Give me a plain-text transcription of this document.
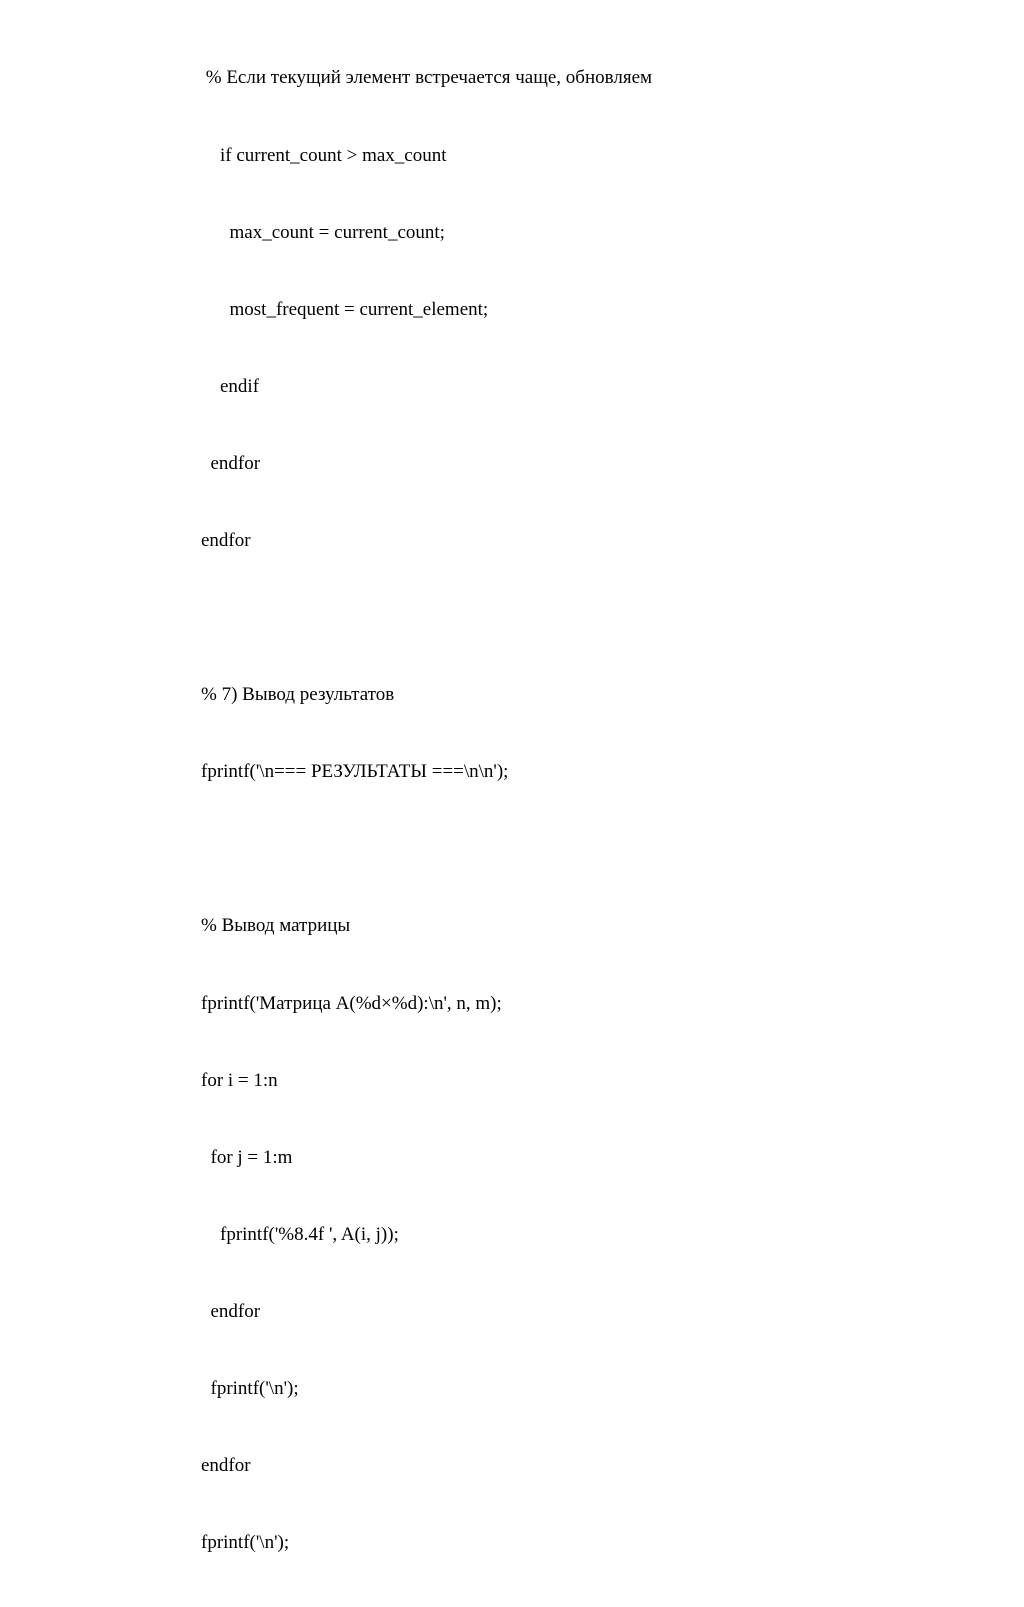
% Если текущий элемент встречается чаще, обновляем

if current_count > max_count

max_count = current_count;

most_frequent = current_element;

endif

endfor

endfor

% 7) Вывод результатов

fprintf('\n=== РЕЗУЛЬТАТЫ ===\n\n');

% Вывод матрицы

fprintf('Матрица A(%d×%d):\n', n, m);

for i = 1:n

for j = 1:m

fprintf('%8.4f ', A(i, j));

endfor

fprintf('\n');

endfor

fprintf('\n');
